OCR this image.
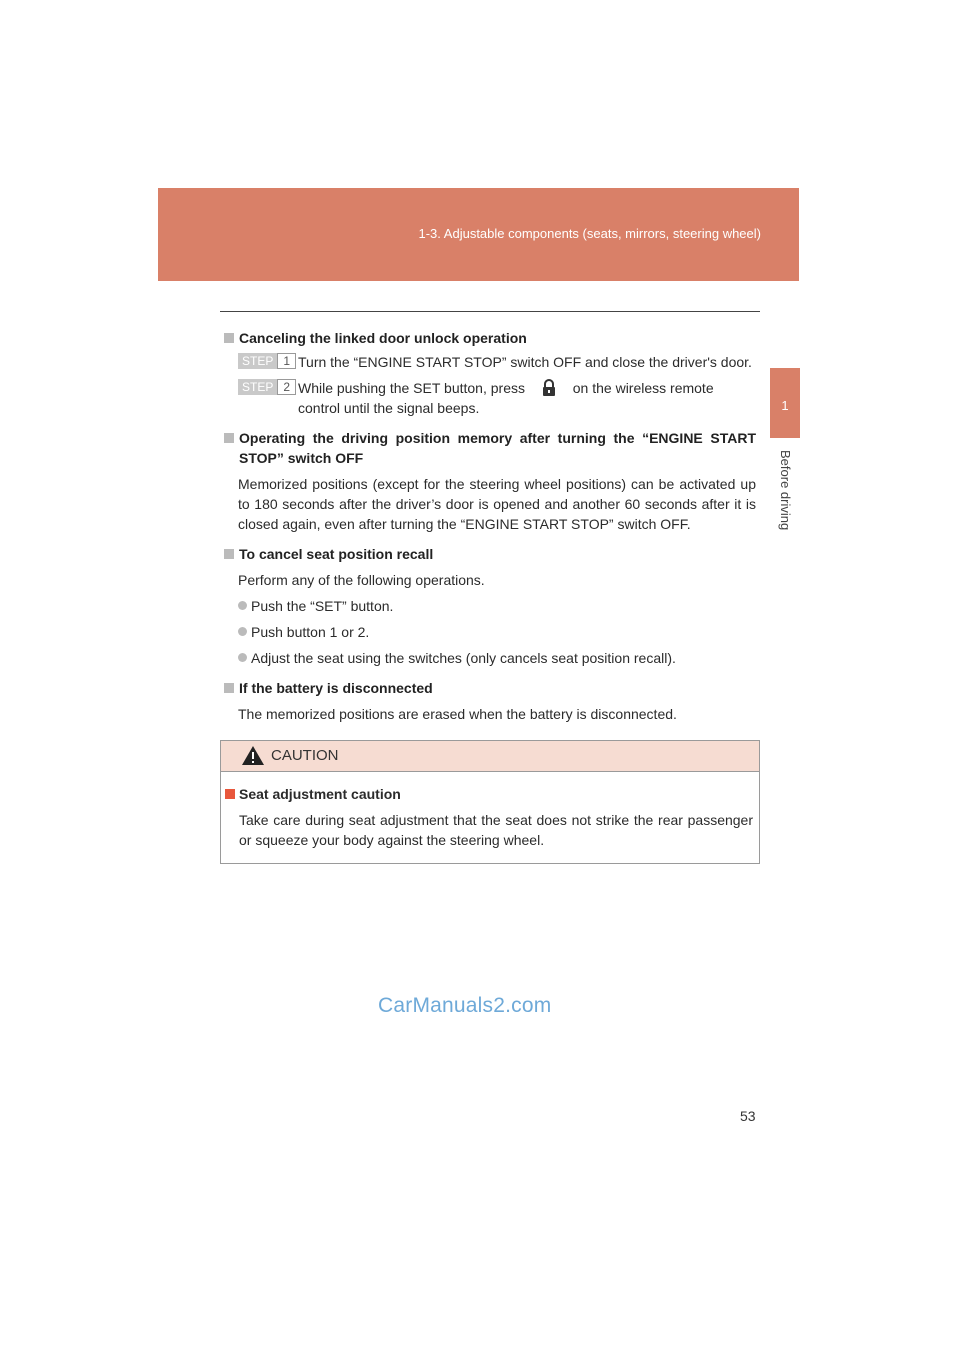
1-3. Adjustable components (seats, mirrors, steering wheel)
1
Before driving
Canceling the linked door unlock operation
STEP 1 Turn the “ENGINE START STOP” switch OFF and close the driver's door.
STEP 2 While pushing the SET button, press	on the wireless remote control until the signal beeps.
Operating the driving position memory after turning the “ENGINE START STOP” switch OFF
Memorized positions (except for the steering wheel positions) can be activated up to 180 seconds after the driver’s door is opened and another 60 seconds after it is closed again, even after turning the “ENGINE START STOP” switch OFF.
To cancel seat position recall
Perform any of the following operations.
Push the “SET” button.
Push button 1 or 2.
Adjust the seat using the switches (only cancels seat position recall).
If the battery is disconnected
The memorized positions are erased when the battery is disconnected.
CAUTION
Seat adjustment caution
Take care during seat adjustment that the seat does not strike the rear passenger or squeeze your body against the steering wheel.
CarManuals2.com
53
